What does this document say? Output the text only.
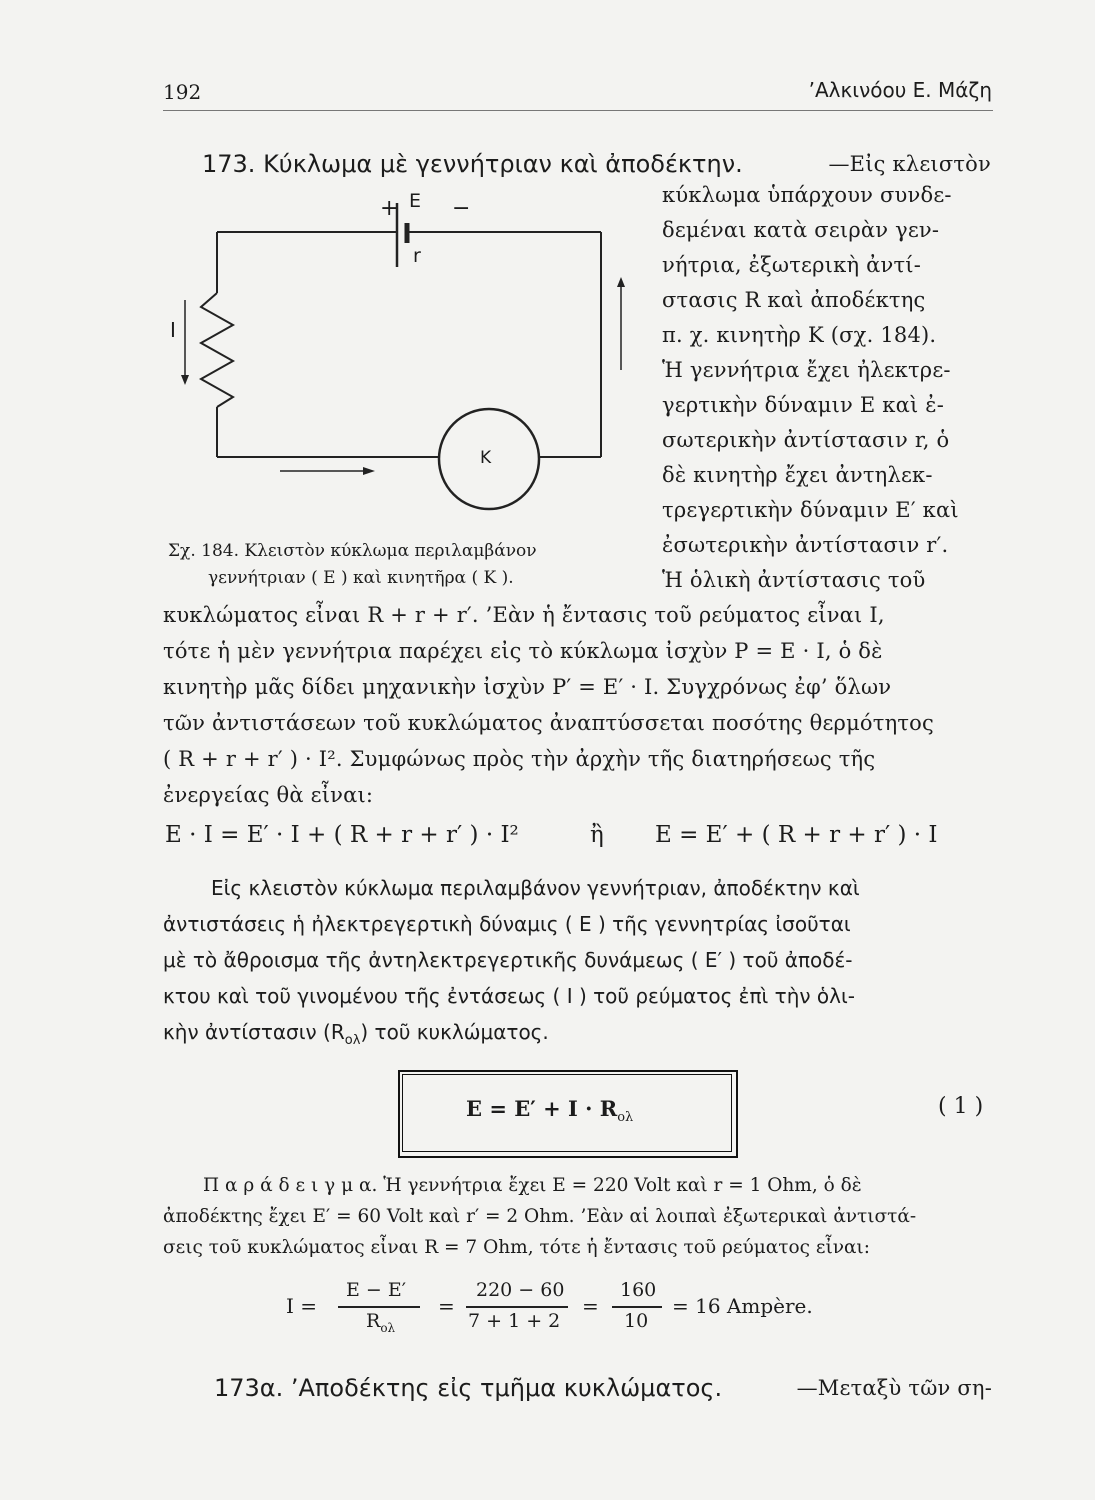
192	’Αλκινόου Ε. Μάζη
173. Κύκλωμα μὲ γεννήτριαν καὶ ἀποδέκτην.	—Εἰς κλειστὸν
+ E −
r
I
K
Σχ. 184. Κλειστὸν κύκλωμα περιλαμβάνον
γεννήτριαν ( E ) καὶ κινητῆρα ( K ).
κύκλωμα ὑπάρχουν συνδε-
δεμέναι κατὰ σειρὰν γεν-
νήτρια, ἐξωτερικὴ ἀντί-
στασις R καὶ ἀποδέκτης
π. χ. κινητὴρ K (σχ. 184).
Ἡ γεννήτρια ἔχει ἠλεκτρε-
γερτικὴν δύναμιν E καὶ ἐ-
σωτερικὴν ἀντίστασιν r, ὁ
δὲ κινητὴρ ἔχει ἀντηλεκ-
τρεγερτικὴν δύναμιν E′ καὶ
ἐσωτερικὴν ἀντίστασιν r′.
Ἡ ὁλικὴ ἀντίστασις τοῦ
κυκλώματος εἶναι R + r + r′. ’Εὰν ἡ ἔντασις τοῦ ρεύματος εἶναι I,
τότε ἡ μὲν γεννήτρια παρέχει εἰς τὸ κύκλωμα ἰσχὺν P = E · I, ὁ δὲ
κινητὴρ μᾶς δίδει μηχανικὴν ἰσχὺν P′ = E′ · I. Συγχρόνως ἐφ’ ὅλων
τῶν ἀντιστάσεων τοῦ κυκλώματος ἀναπτύσσεται ποσότης θερμότητος
( R + r + r′ ) · I². Συμφώνως πρὸς τὴν ἀρχὴν τῆς διατηρήσεως τῆς
ἐνεργείας θὰ εἶναι:
E · I = E′ · I + ( R + r + r′ ) · I²	ἢ E = E′ + ( R + r + r′ ) · I
Εἰς κλειστὸν κύκλωμα περιλαμβάνον γεννήτριαν, ἀποδέκτην καὶ
ἀντιστάσεις ἡ ἠλεκτρεγερτικὴ δύναμις ( E ) τῆς γεννητρίας ἰσοῦται
μὲ τὸ ἄθροισμα τῆς ἀντηλεκτρεγερτικῆς δυνάμεως ( E′ ) τοῦ ἀποδέ-
κτου καὶ τοῦ γινομένου τῆς ἐντάσεως ( I ) τοῦ ρεύματος ἐπὶ τὴν ὁλι-
κὴν ἀντίστασιν $(R_{o\lambda})$ τοῦ κυκλώματος.
$E = E' + I \cdot R_{o\lambda}$	( 1 )
Π α ρ ά δ ε ι γ μ α. Ἡ γεννήτρια ἔχει E = 220 Volt καὶ r = 1 Ohm, ὁ δὲ
ἀποδέκτης ἔχει E′ = 60 Volt καὶ r′ = 2 Ohm. ’Εὰν αἱ λοιπαὶ ἐξωτερικαὶ ἀντιστά-
σεις τοῦ κυκλώματος εἶναι R = 7 Ohm, τότε ἡ ἔντασις τοῦ ρεύματος εἶναι:
I =
E − E′
$R_{o\lambda}$
=
220 − 60
7 + 1 + 2
=
160
10
= 16 Ampère.
173α. ’Αποδέκτης εἰς τμῆμα κυκλώματος.	—Μεταξὺ τῶν ση-
